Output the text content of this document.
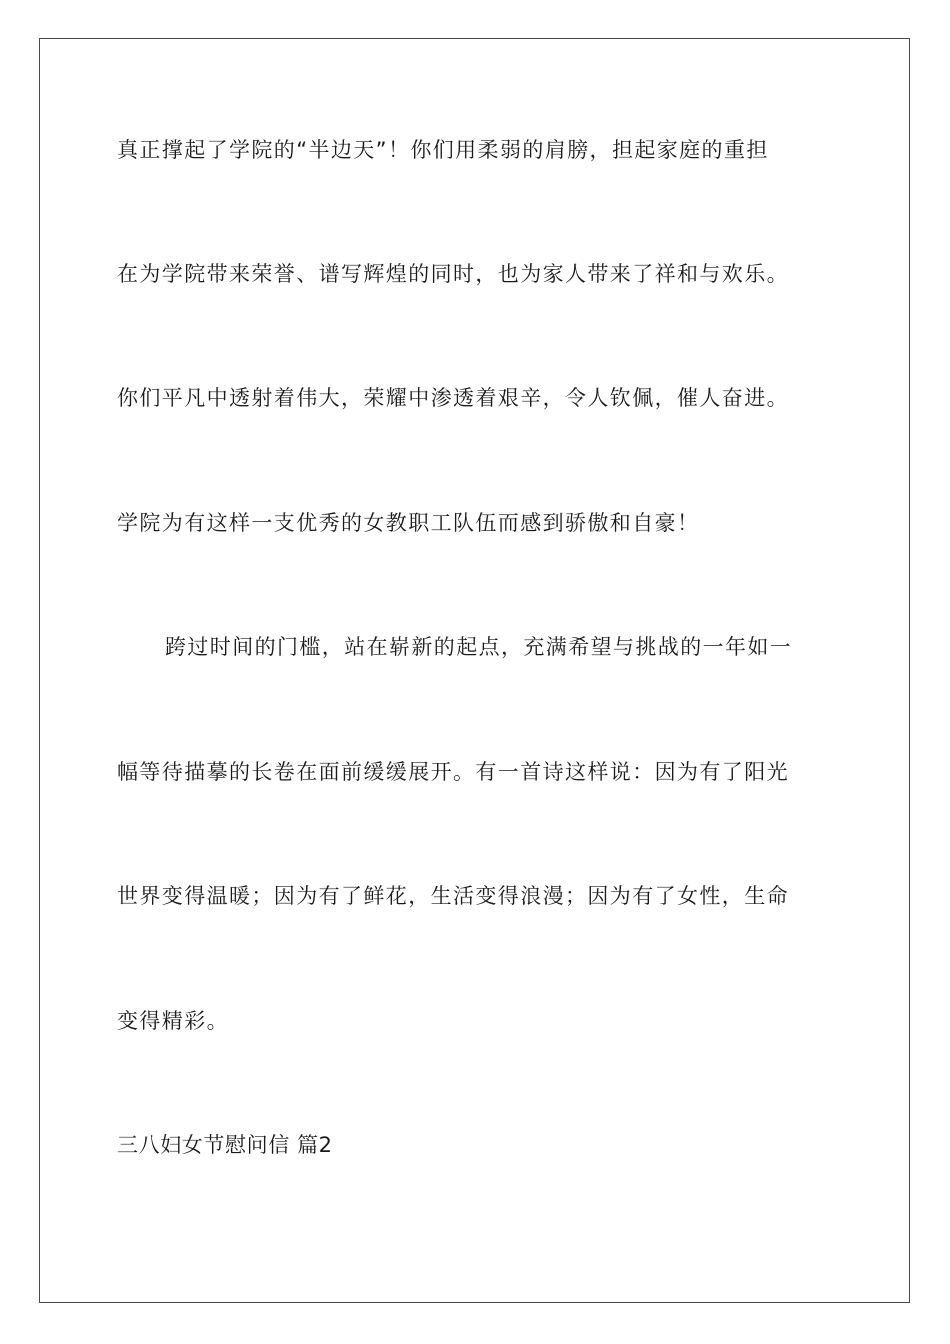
真正撑起了学院的“半边天”！你们用柔弱的肩膀，担起家庭的重担
在为学院带来荣誉、谱写辉煌的同时，也为家人带来了祥和与欢乐。
你们平凡中透射着伟大，荣耀中渗透着艰辛，令人钦佩，催人奋进。
学院为有这样一支优秀的女教职工队伍而感到骄傲和自豪！
跨过时间的门槛，站在崭新的起点，充满希望与挑战的一年如一
幅等待描摹的长卷在面前缓缓展开。有一首诗这样说：因为有了阳光
世界变得温暖；因为有了鲜花，生活变得浪漫；因为有了女性，生命
变得精彩。
三八妇女节慰问信 篇2
